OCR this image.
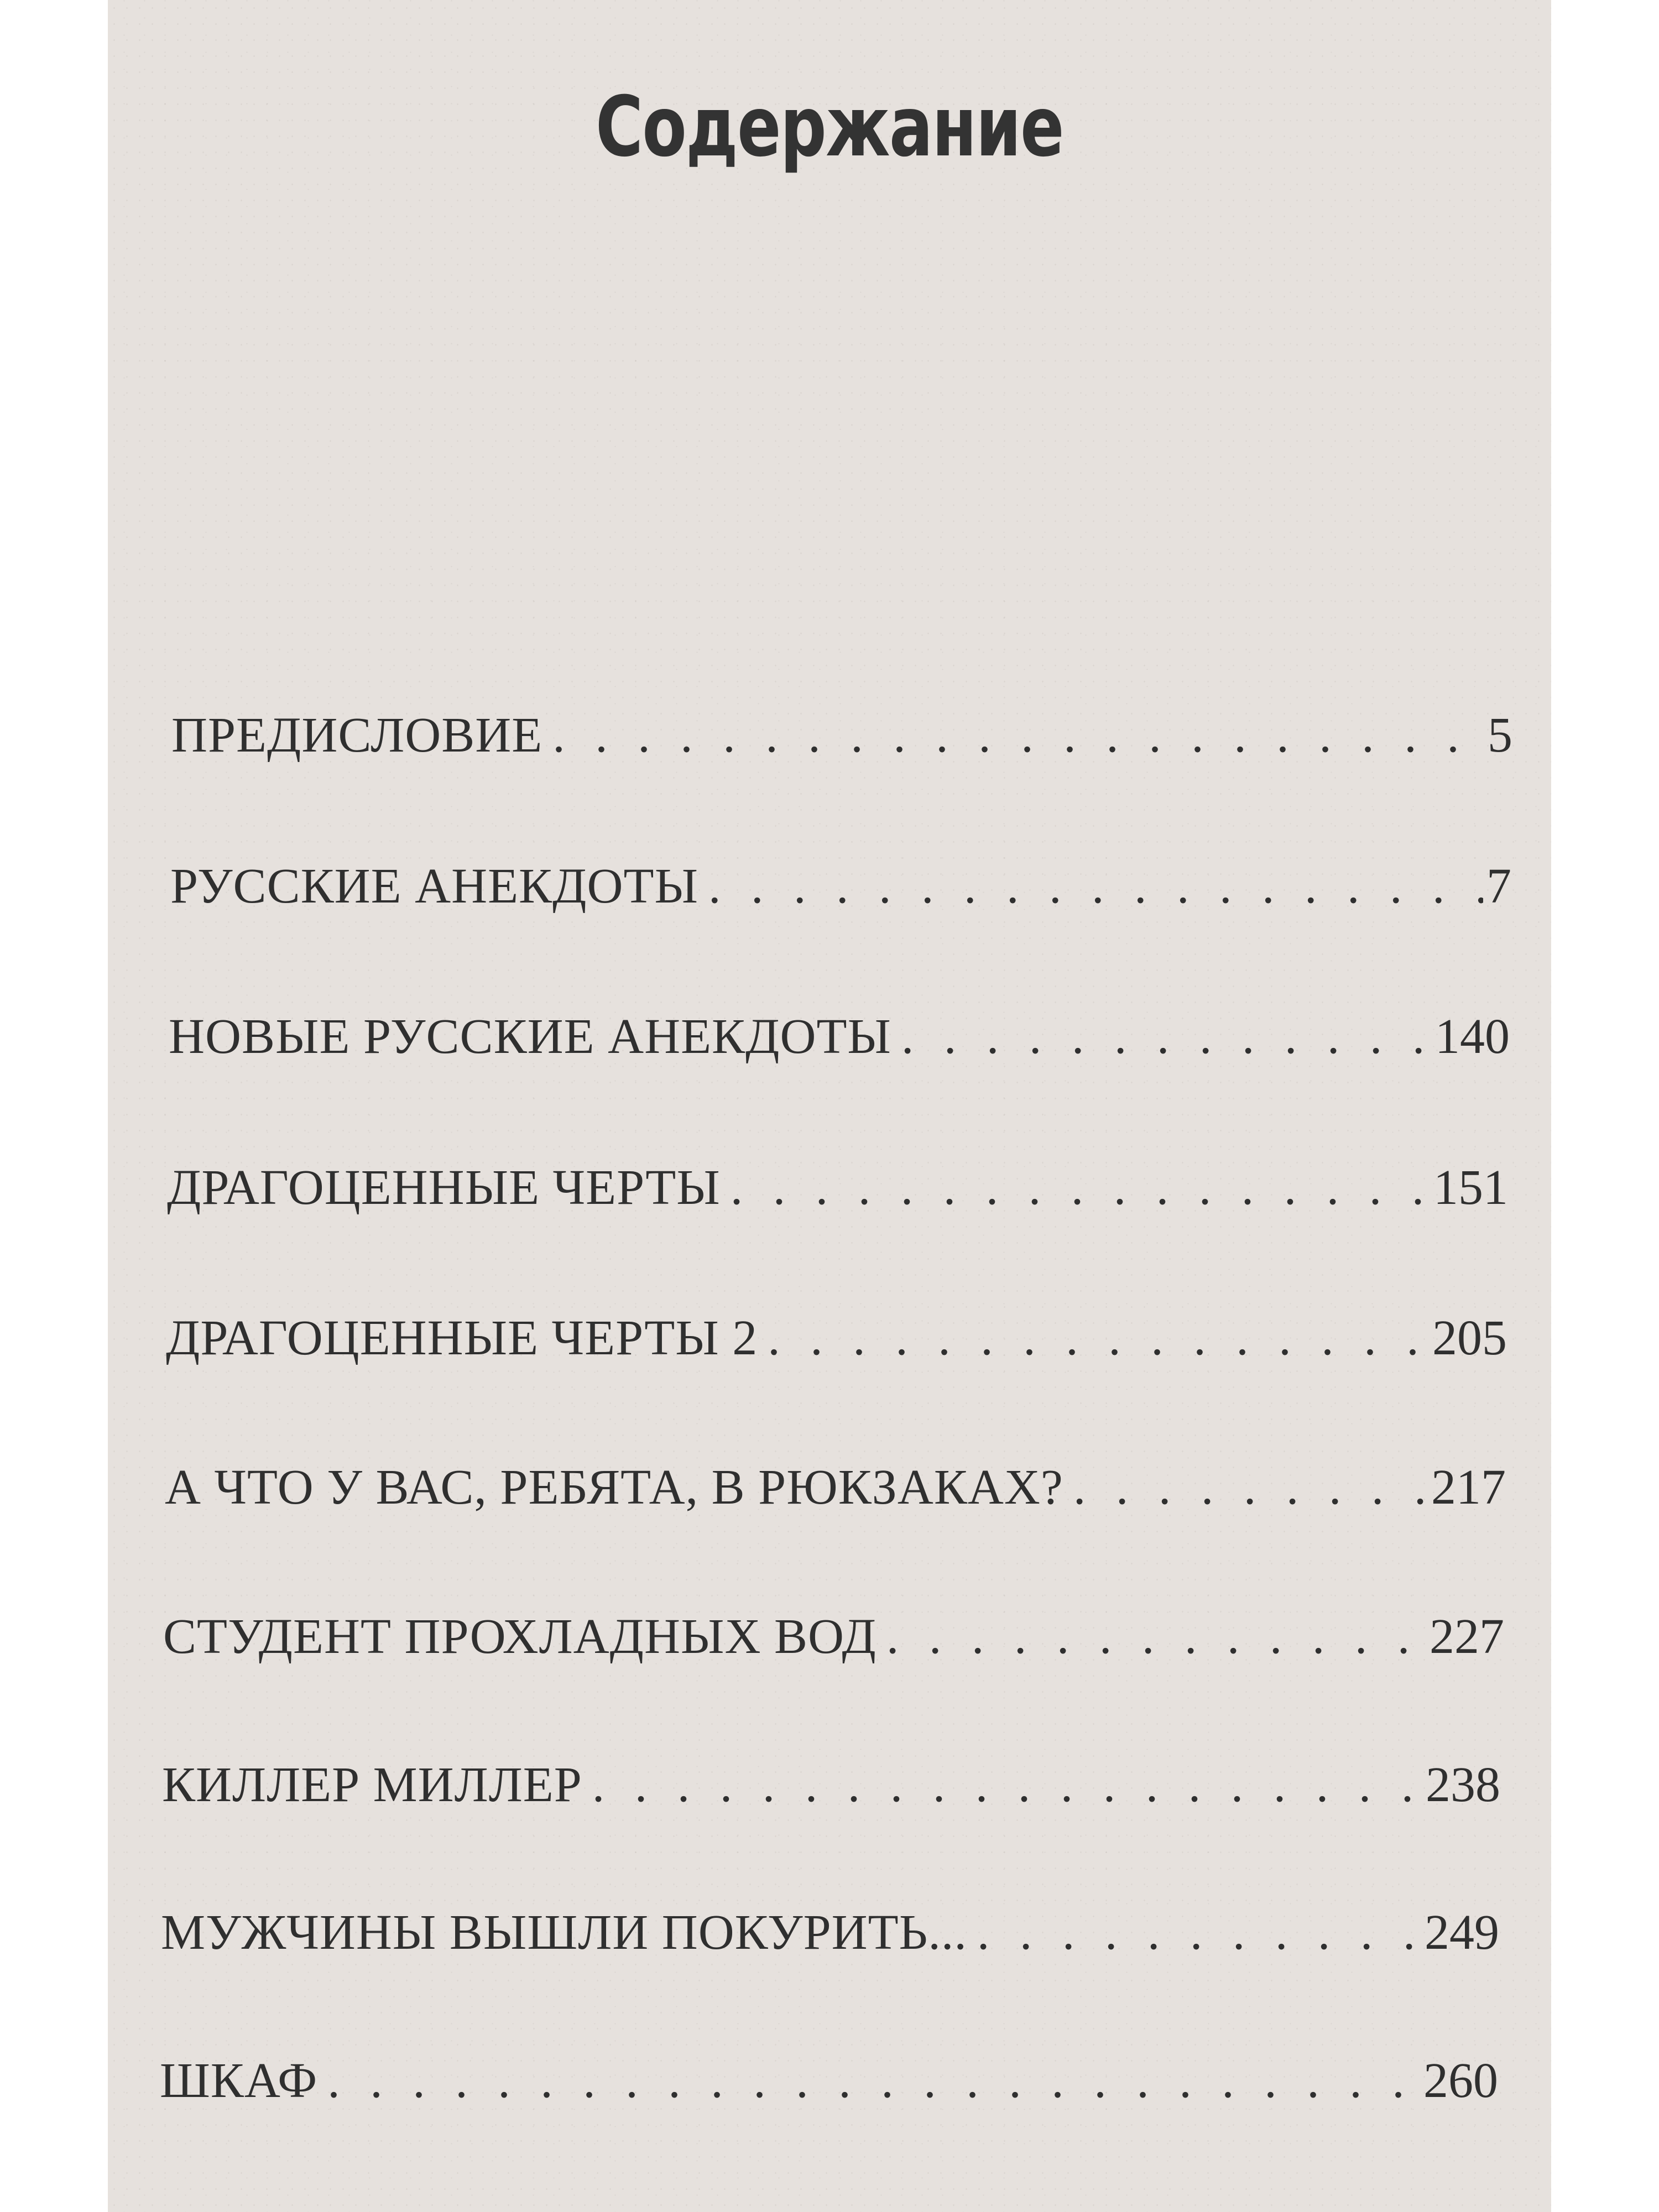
Содержание
ПРЕДИСЛОВИЕ . . .	5
РУССКИЕ АНЕКДОТЫ . . .	7
НОВЫЕ РУССКИЕ АНЕКДОТЫ . . .	140
ДРАГОЦЕННЫЕ ЧЕРТЫ . . .	151
ДРАГОЦЕННЫЕ ЧЕРТЫ 2 . . .	205
А ЧТО У ВАС, РЕБЯТА, В РЮКЗАКАХ? . . .	217
СТУДЕНТ ПРОХЛАДНЫХ ВОД . . .	227
КИЛЛЕР МИЛЛЕР . . .	238
МУЖЧИНЫ ВЫШЛИ ПОКУРИТЬ... . . .	249
ШКАФ . . .	260
